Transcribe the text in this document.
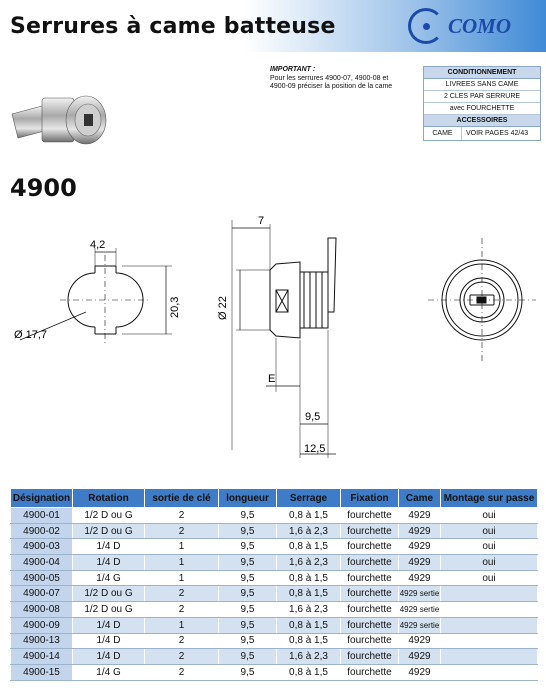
Serrures à came batteuse	COMO
IMPORTANT :
Pour les serrures 4900-07, 4900-08 et 4900-09 préciser la position de la came
CONDITIONNEMENT
LIVREES SANS CAME
2 CLES PAR SERRURE
avec FOURCHETTE
ACCESSOIRES
CAME	VOIR PAGES 42/43
4900
4,2
20,3
Ø 17,7
7
Ø 22
E
9,5
12,5
Désignation	Rotation	sortie de clé	longueur	Serrage	Fixation	Came	Montage sur passe
4900-01	1/2 D ou G	2	9,5	0,8 à 1,5	fourchette	4929	oui
4900-02	1/2 D ou G	2	9,5	1,6 à 2,3	fourchette	4929	oui
4900-03	1/4 D	1	9,5	0,8 à 1,5	fourchette	4929	oui
4900-04	1/4 D	1	9,5	1,6 à 2,3	fourchette	4929	oui
4900-05	1/4 G	1	9,5	0,8 à 1,5	fourchette	4929	oui
4900-07	1/2 D ou G	2	9,5	0,8 à 1,5	fourchette	4929 sertie	
4900-08	1/2 D ou G	2	9,5	1,6 à 2,3	fourchette	4929 sertie	
4900-09	1/4 D	1	9,5	0,8 à 1,5	fourchette	4929 sertie	
4900-13	1/4 D	2	9,5	0,8 à 1,5	fourchette	4929	
4900-14	1/4 D	2	9,5	1,6 à 2,3	fourchette	4929	
4900-15	1/4 G	2	9,5	0,8 à 1,5	fourchette	4929	
